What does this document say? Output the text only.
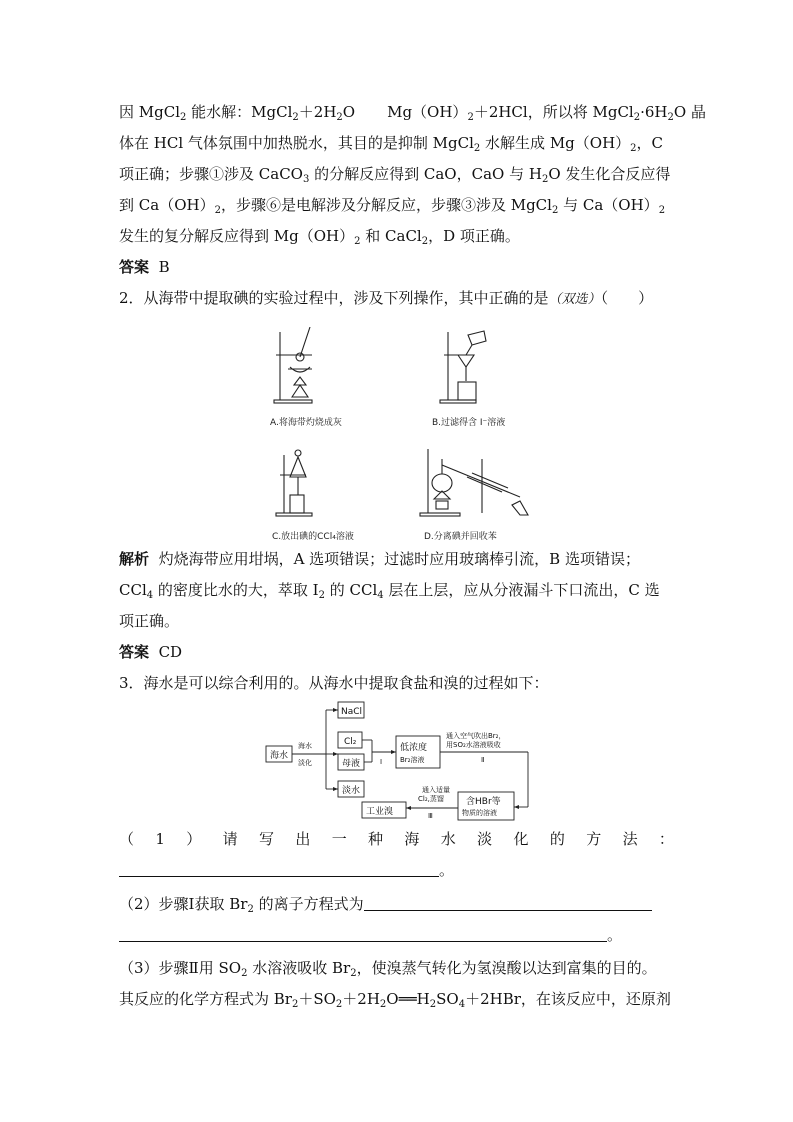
因 MgCl$_2$ 能水解：$MgCl_2+2H_2O$ $Mg(OH)_2+2HCl$，所以将 $MgCl_2\cdot 6H_2O$ 晶
体在 HCl 气体氛围中加热脱水，其目的是抑制 MgCl$_2$ 水解生成 $Mg(OH)_2$，C
项正确；步骤①涉及 CaCO$_3$ 的分解反应得到 CaO，CaO 与 $H_2O$ 发生化合反应得
到 $Ca(OH)_2$，步骤⑥是电解涉及分解反应，步骤③涉及 MgCl$_2$ 与 $Ca(OH)_2$
发生的复分解反应得到 $Mg(OH)_2$ 和 CaCl$_2$，D 项正确。
答案 B
2．从海带中提取碘的实验过程中，涉及下列操作，其中正确的是（双选）（　　）
A.将海带灼烧成灰	B.过滤得含 I⁻溶液
C.放出碘的CCl₄溶液	D.分离碘并回收苯
解析 灼烧海带应用坩埚，A 选项错误；过滤时应用玻璃棒引流，B 选项错误；
CCl$_4$ 的密度比水的大，萃取 $I_2$ 的 CCl$_4$ 层在上层，应从分液漏斗下口流出，C 选
项正确。
答案 CD
3．海水是可以综合利用的。从海水中提取食盐和溴的过程如下：
海水
海水
淡化
NaCl
Cl₂
母液
淡水
Ⅰ
低浓度
Br₂溶液
通入空气吹出Br₂，
用SO₂水溶液吸收
Ⅱ
含HBr等
物质的溶液
通入适量
Cl₂,蒸馏
Ⅲ
工业溴
（ 1 ） 请 写 出 一 种 海 水 淡 化 的 方 法 ：
。
（2）步骤Ⅰ获取 $Br_2$ 的离子方程式为
。
（3）步骤Ⅱ用 $SO_2$ 水溶液吸收 $Br_2$，使溴蒸气转化为氢溴酸以达到富集的目的。
其反应的化学方程式为 $Br_2+SO_2+2H_2O══H_2SO_4+2HBr$，在该反应中，还原剂
